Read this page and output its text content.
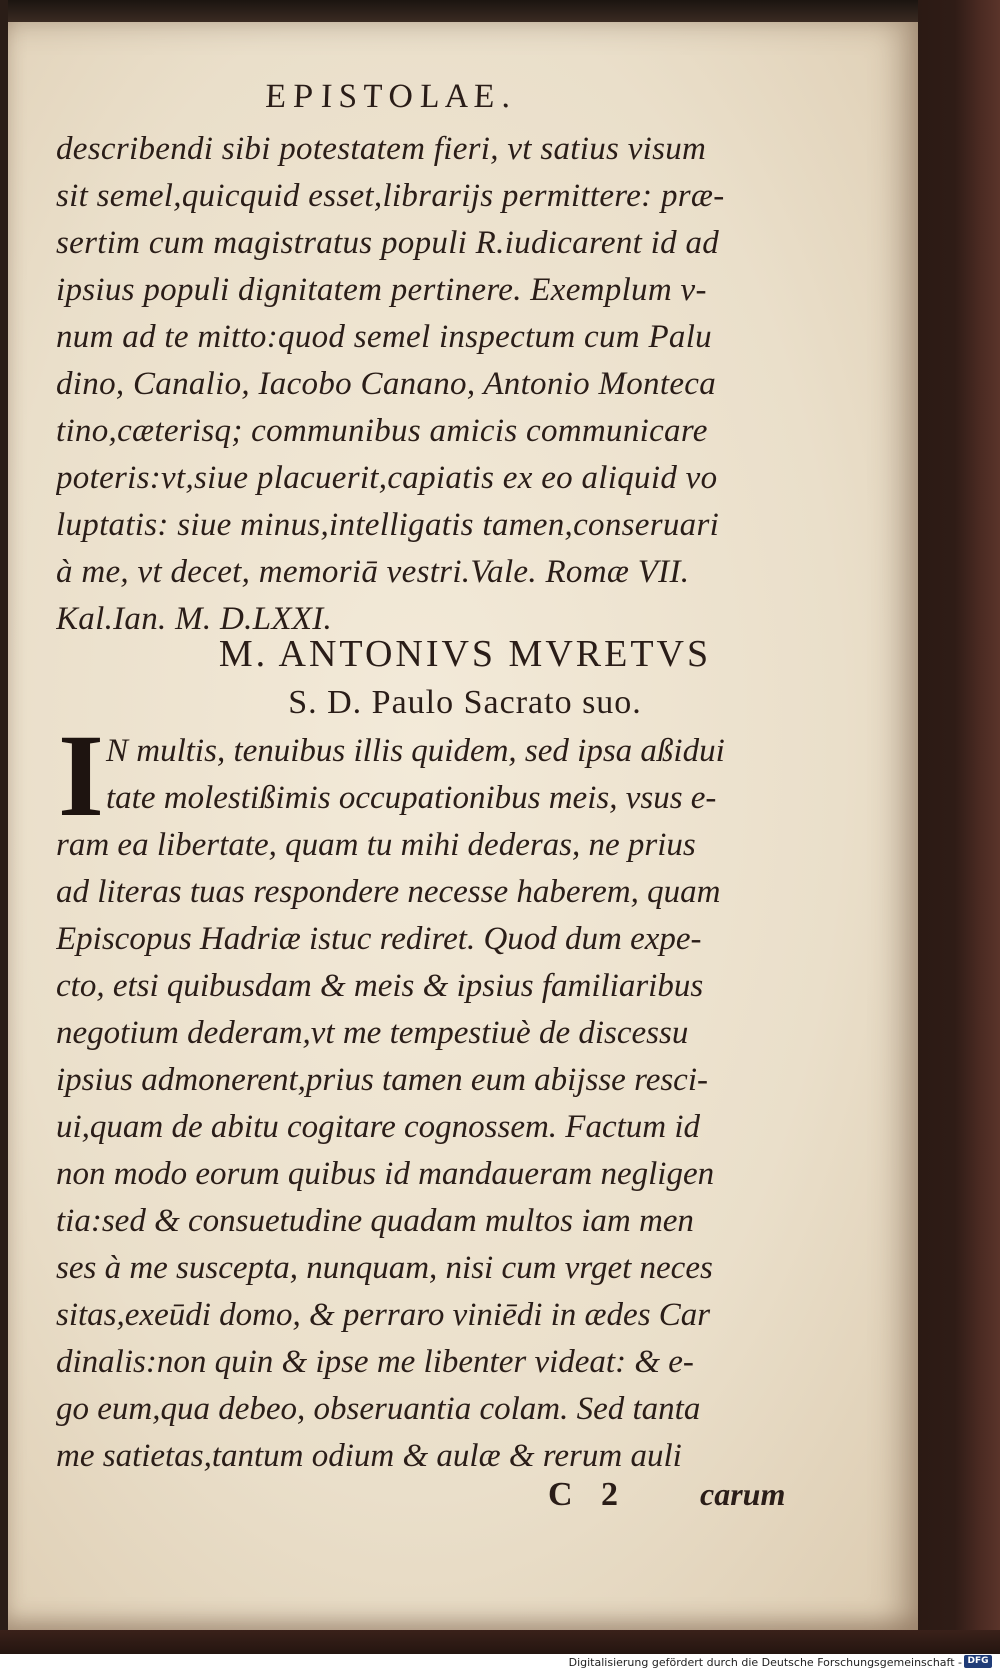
EPISTOLAE.
describendi sibi potestatem fieri, vt satius visum
sit semel,quicquid esset,librarijs permittere: præ-
sertim cum magistratus populi R.iudicarent id ad
ipsius populi dignitatem pertinere. Exemplum v-
num ad te mitto:quod semel inspectum cum Palu
dino, Canalio, Iacobo Canano, Antonio Monteca
tino,cæterisq; communibus amicis communicare
poteris:vt,siue placuerit,capiatis ex eo aliquid vo
luptatis: siue minus,intelligatis tamen,conseruari
à me, vt decet, memoriā vestri.Vale. Romæ VII.
Kal.Ian. M. D.LXXI.
M. ANTONIVS MVRETVS
S. D. Paulo Sacrato suo.
I N multis, tenuibus illis quidem, sed ipsa aßidui
tate molestißimis occupationibus meis, vsus e-
ram ea libertate, quam tu mihi dederas, ne prius
ad literas tuas respondere necesse haberem, quam
Episcopus Hadriæ istuc rediret. Quod dum expe-
cto, etsi quibusdam & meis & ipsius familiaribus
negotium dederam,vt me tempestiuè de discessu
ipsius admonerent,prius tamen eum abijsse resci-
ui,quam de abitu cogitare cognossem. Factum id
non modo eorum quibus id mandaueram negligen
tia:sed & consuetudine quadam multos iam men
ses à me suscepta, nunquam, nisi cum vrget neces
sitas,exeūdi domo, & perraro viniēdi in ædes Car
dinalis:non quin & ipse me libenter videat: & e-
go eum,qua debeo, obseruantia colam. Sed tanta
me satietas,tantum odium & aulæ & rerum auli
C 2 carum
Digitalisierung gefördert durch die Deutsche Forschungsgemeinschaft - DFG
